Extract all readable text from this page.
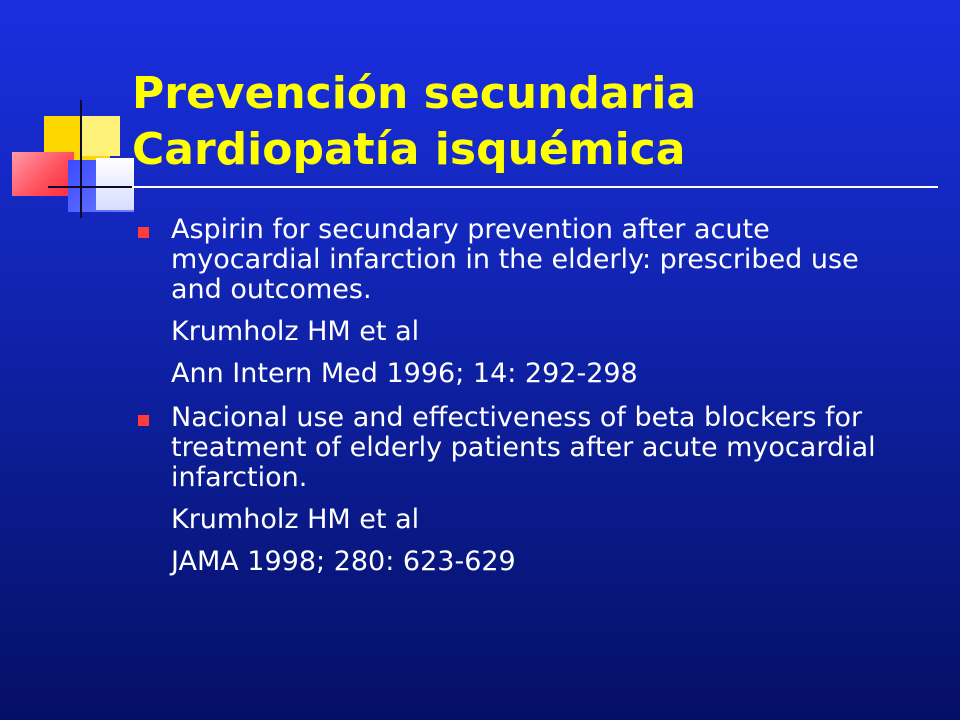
Prevención secundaria
Cardiopatía isquémica

Aspirin for secundary prevention after acute myocardial infarction in the elderly: prescribed use and outcomes.

Krumholz HM et al

Ann Intern Med 1996; 14: 292-298

Nacional use and effectiveness of beta blockers for treatment of elderly patients after acute myocardial infarction.

Krumholz HM et al

JAMA 1998; 280: 623-629
